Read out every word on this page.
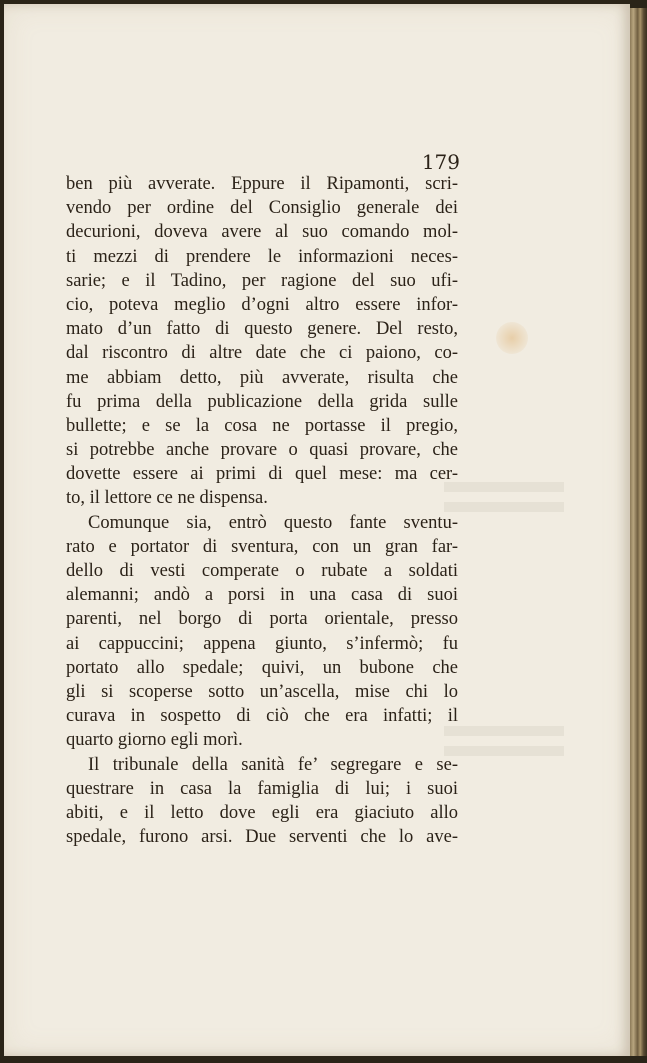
179
ben più avverate. Eppure il Ripamonti, scri-
vendo per ordine del Consiglio generale dei
decurioni, doveva avere al suo comando mol-
ti mezzi di prendere le informazioni neces-
sarie; e il Tadino, per ragione del suo ufi-
cio, poteva meglio d’ogni altro essere infor-
mato d’un fatto di questo genere. Del resto,
dal riscontro di altre date che ci paiono, co-
me abbiam detto, più avverate, risulta che
fu prima della publicazione della grida sulle
bullette; e se la cosa ne portasse il pregio,
si potrebbe anche provare o quasi provare, che
dovette essere ai primi di quel mese: ma cer-
to, il lettore ce ne dispensa.
Comunque sia, entrò questo fante sventu-
rato e portator di sventura, con un gran far-
dello di vesti comperate o rubate a soldati
alemanni; andò a porsi in una casa di suoi
parenti, nel borgo di porta orientale, presso
ai cappuccini; appena giunto, s’infermò; fu
portato allo spedale; quivi, un bubone che
gli si scoperse sotto un’ascella, mise chi lo
curava in sospetto di ciò che era infatti; il
quarto giorno egli morì.
Il tribunale della sanità fe’ segregare e se-
questrare in casa la famiglia di lui; i suoi
abiti, e il letto dove egli era giaciuto allo
spedale, furono arsi. Due serventi che lo ave-
